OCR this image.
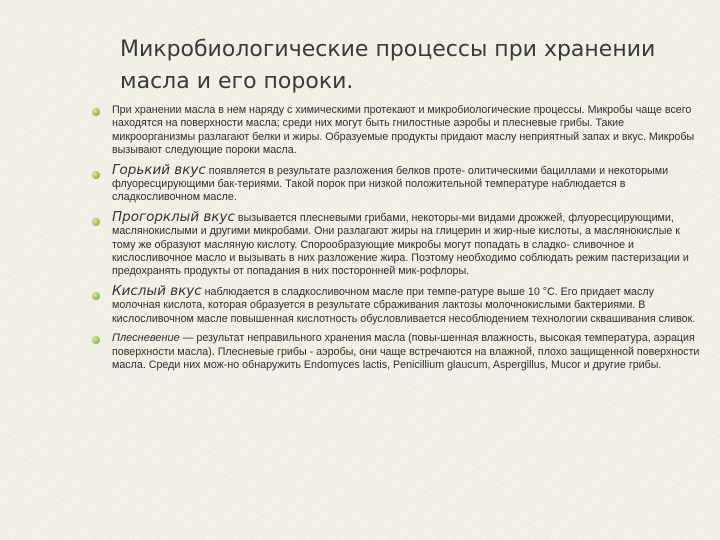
Микробиологические процессы при хранении масла и его пороки.
При хранении масла в нем наряду с химическими протекают и микробиологические процессы. Микробы чаще всего находятся на поверхности масла; среди них могут быть гнилостные аэробы и плесневые грибы. Такие микроорганизмы разлагают белки и жиры. Образуемые продукты придают маслу неприятный запах и вкус. Микробы вызывают следующие пороки масла.
Горький вкус появляется в результате разложения белков проте- олитическими бациллами и некоторыми флуоресцирующими бак-териями. Такой порок при низкой положительной температуре наблюдается в сладкосливочном масле.
Прогорклый вкус вызывается плесневыми грибами, некоторы-ми видами дрожжей, флуоресцирующими, маслянокислыми и другими микробами. Они разлагают жиры на глицерин и жир-ные кислоты, а маслянокислые к тому же образуют масляную кислоту. Спорообразующие микробы могут попадать в сладко- сливочное и кислосливочное масло и вызывать в них разложение жира. Поэтому необходимо соблюдать режим пастеризации и предохранять продукты от попадания в них посторонней мик-рофлоры.
Кислый вкус наблюдается в сладкосливочном масле при темпе-ратуре выше 10 °С. Его придает маслу молочная кислота, которая образуется в результате сбраживания лактозы молочнокислыми бактериями. В кислосливочном масле повышенная кислотность обусловливается несоблюдением технологии сквашивания сливок.
Плесневение — результат неправильного хранения масла (повы-шенная влажность, высокая температура, аэрация поверхности масла). Плесневые грибы - аэробы, они чаще встречаются на влажной, плохо защищенной поверхности масла. Среди них мож-но обнаружить Endomyces lactis, Penicillium glaucum, Aspergillus, Mucor и другие грибы.
